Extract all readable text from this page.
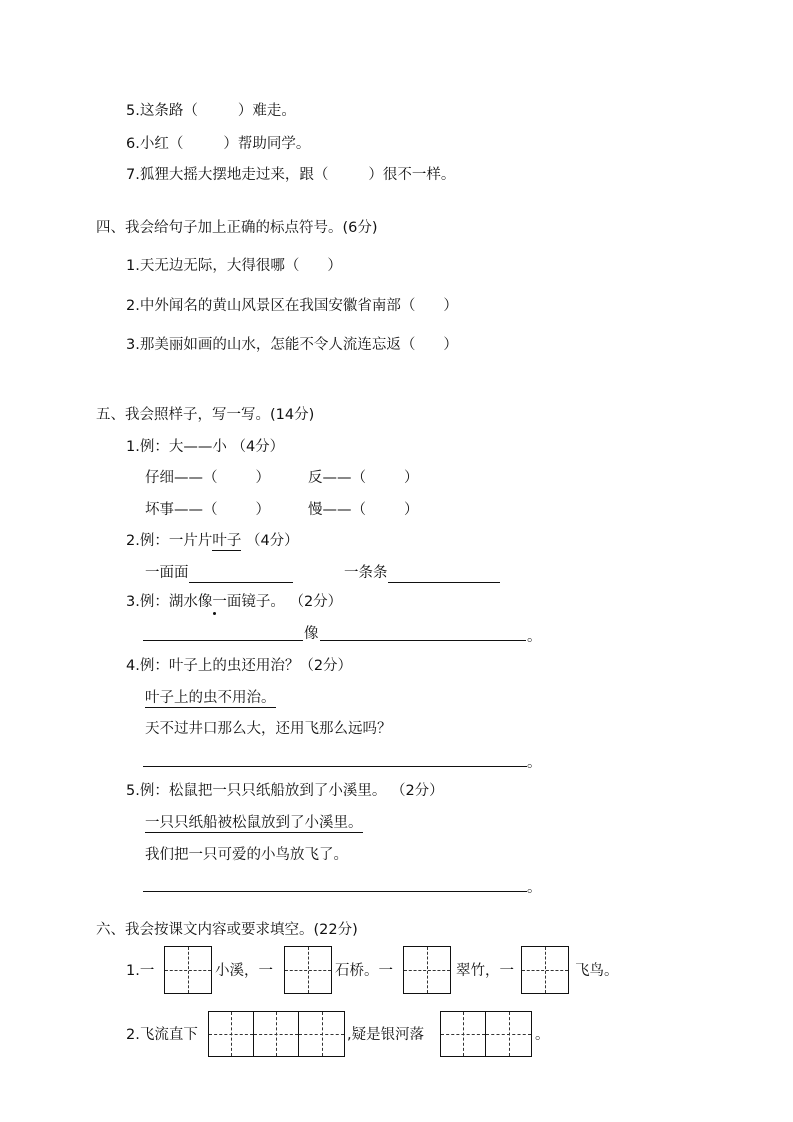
5.这条路（	）难走。
6.小红（	）帮助同学。
7.狐狸大摇大摆地走过来，跟（	）很不一样。
四、我会给句子加上正确的标点符号。(6分)
1.天无边无际，大得很哪（ ）
2.中外闻名的黄山风景区在我国安徽省南部（ ）
3.那美丽如画的山水，怎能不令人流连忘返（ ）
五、我会照样子，写一写。(14分)
1.例：大——小 （4分）
仔细——（	）	反——（	）
坏事——（	）	慢——（	）
2.例：一片片叶子 （4分）
一面面	一条条
3.例：湖水像一面镜子。 （2分）
像	。
4.例：叶子上的虫还用治？（2分）
叶子上的虫不用治。
天不过井口那么大，还用飞那么远吗？
。
5.例：松鼠把一只只纸船放到了小溪里。 （2分）
一只只纸船被松鼠放到了小溪里。
我们把一只可爱的小鸟放飞了。
。
六、我会按课文内容或要求填空。(22分)
1.一	小溪，一	石桥。一	翠竹，一	飞鸟。
2.飞流直下	,疑是银河落	。
